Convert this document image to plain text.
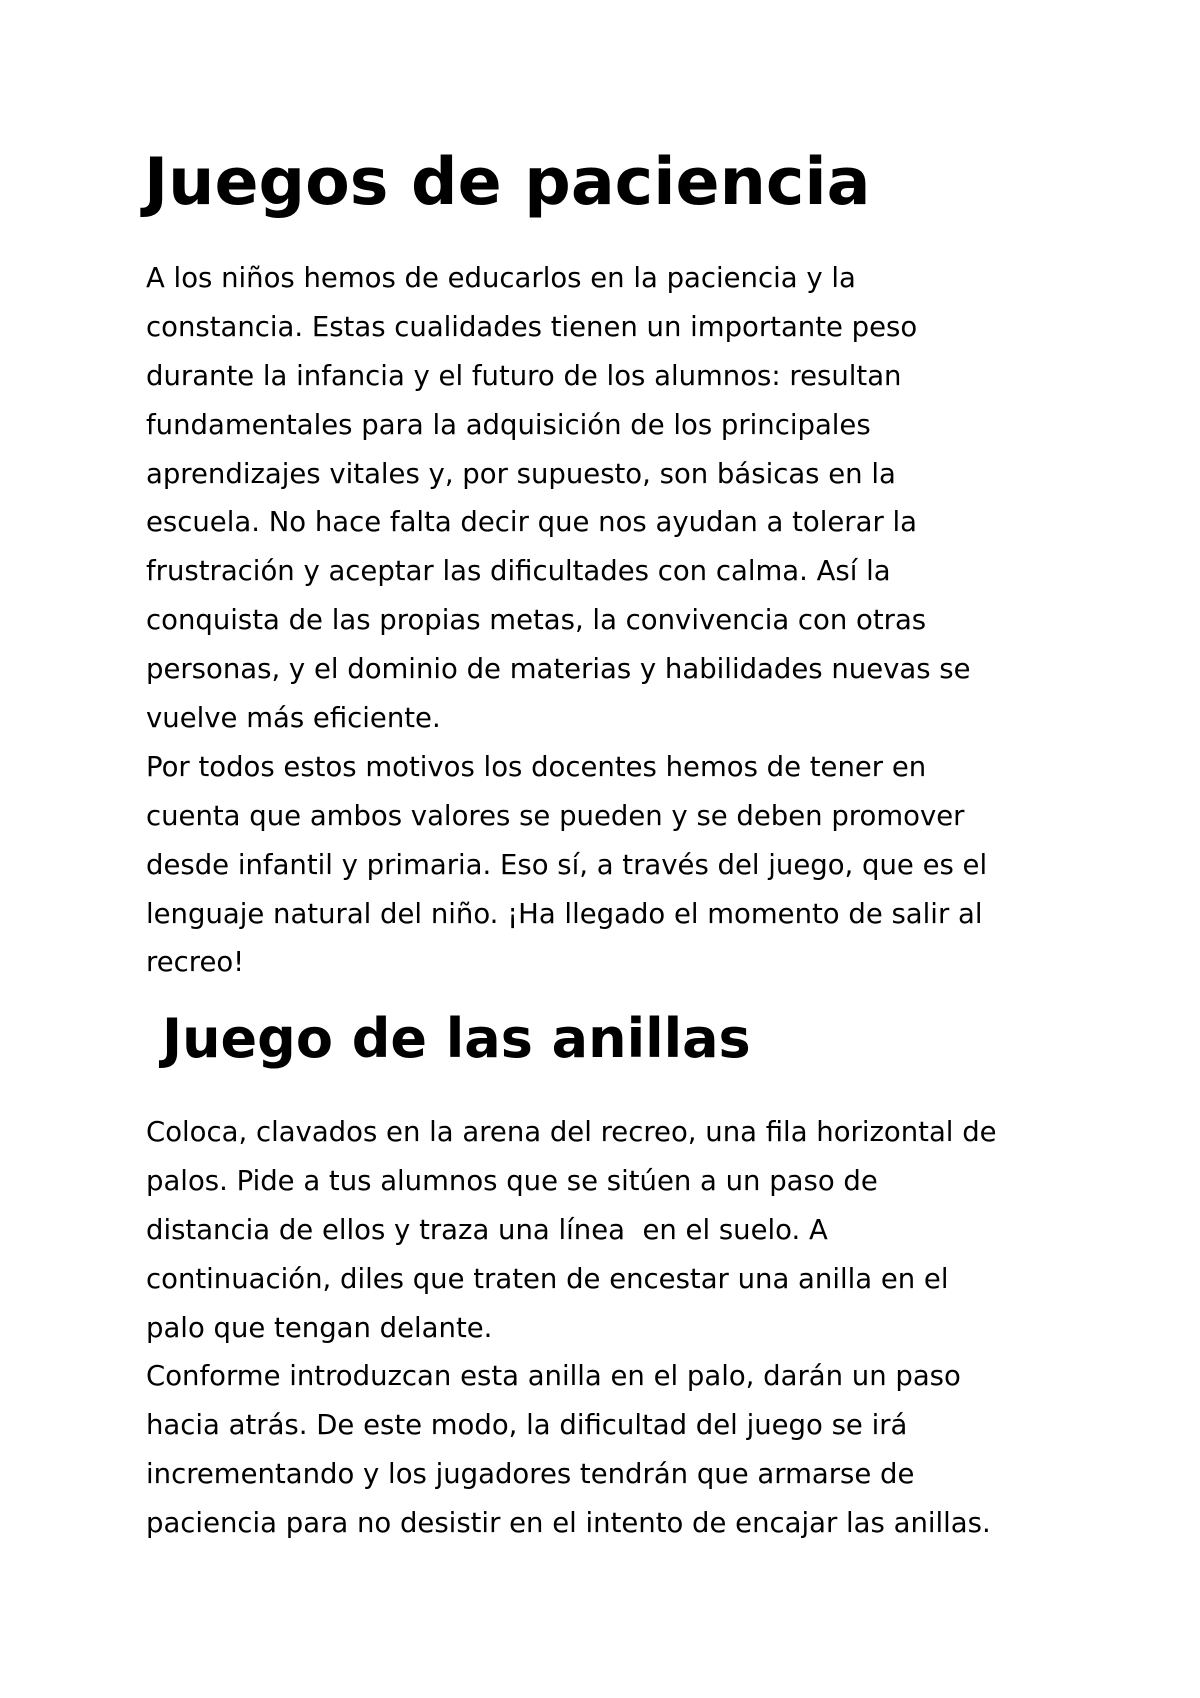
Juegos de paciencia
A los niños hemos de educarlos en la paciencia y la
constancia. Estas cualidades tienen un importante peso
durante la infancia y el futuro de los alumnos: resultan
fundamentales para la adquisición de los principales
aprendizajes vitales y, por supuesto, son básicas en la
escuela. No hace falta decir que nos ayudan a tolerar la
frustración y aceptar las dificultades con calma. Así la
conquista de las propias metas, la convivencia con otras
personas, y el dominio de materias y habilidades nuevas se
vuelve más eficiente.
Por todos estos motivos los docentes hemos de tener en
cuenta que ambos valores se pueden y se deben promover
desde infantil y primaria. Eso sí, a través del juego, que es el
lenguaje natural del niño. ¡Ha llegado el momento de salir al
recreo!
Juego de las anillas
Coloca, clavados en la arena del recreo, una fila horizontal de
palos. Pide a tus alumnos que se sitúen a un paso de
distancia de ellos y traza una línea  en el suelo. A
continuación, diles que traten de encestar una anilla en el
palo que tengan delante.
Conforme introduzcan esta anilla en el palo, darán un paso
hacia atrás. De este modo, la dificultad del juego se irá
incrementando y los jugadores tendrán que armarse de
paciencia para no desistir en el intento de encajar las anillas.
